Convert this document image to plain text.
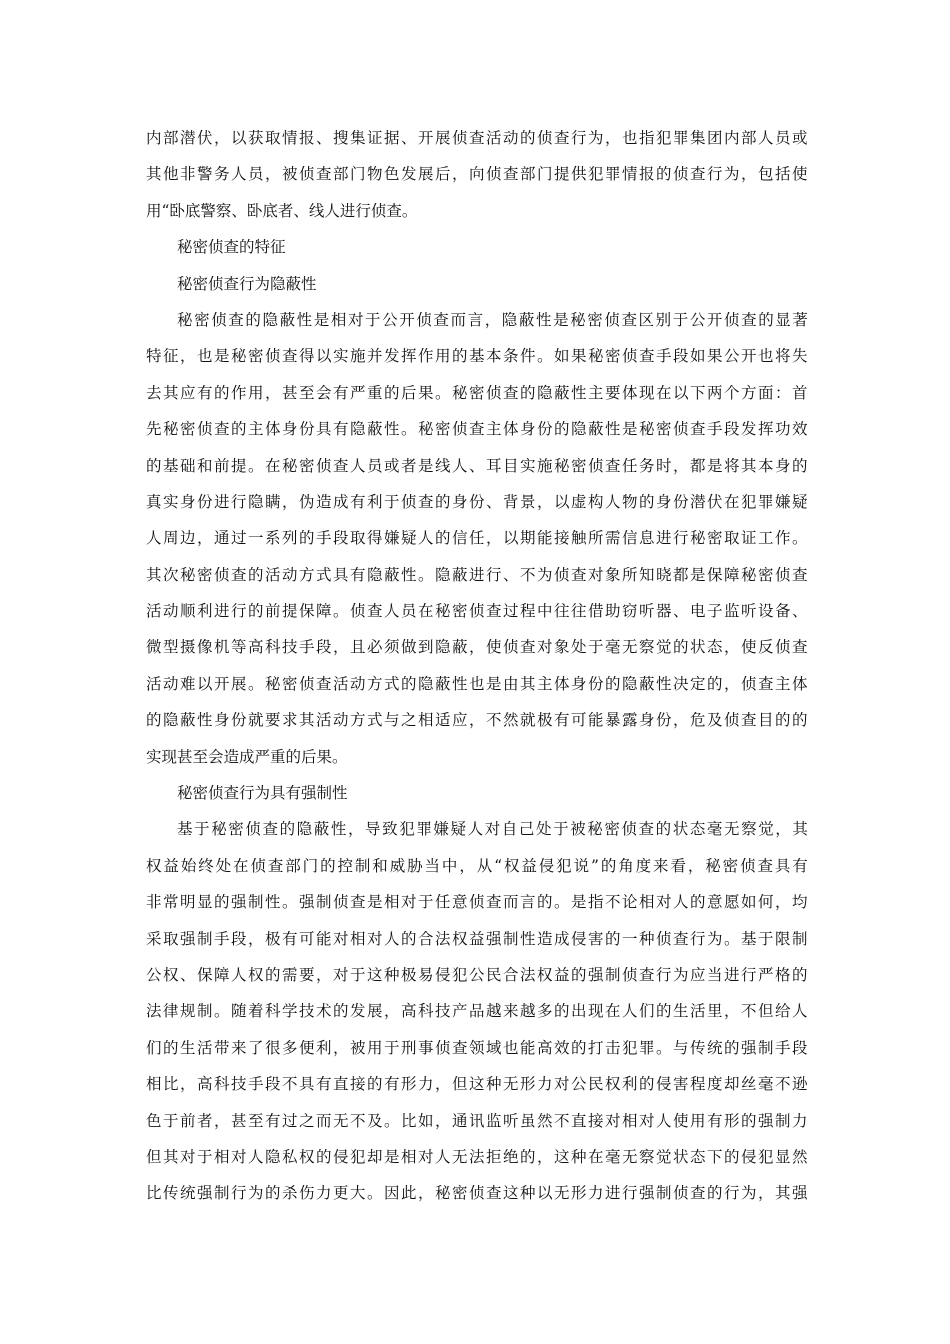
内 部 潜 伏 ， 以 获 取 情 报 、 搜 集 证 据 、 开 展 侦 查 活 动 的 侦 查 行 为 ， 也 指 犯 罪 集 团 内 部 人 员 或
其 他 非 警 务 人 员 ， 被 侦 查 部 门 物 色 发 展 后 ， 向 侦 查 部 门 提 供 犯 罪 情 报 的 侦 查 行 为 ， 包 括 使
用“卧底警察、卧底者、线人进行侦查。
秘密侦查的特征
秘密侦查行为隐蔽性
秘 密 侦 查 的 隐 蔽 性 是 相 对 于 公 开 侦 查 而 言 ， 隐 蔽 性 是 秘 密 侦 查 区 别 于 公 开 侦 查 的 显 著
特 征 ， 也 是 秘 密 侦 查 得 以 实 施 并 发 挥 作 用 的 基 本 条 件 。 如 果 秘 密 侦 查 手 段 如 果 公 开 也 将 失
去 其 应 有 的 作 用 ， 甚 至 会 有 严 重 的 后 果 。 秘 密 侦 查 的 隐 蔽 性 主 要 体 现 在 以 下 两 个 方 面 ： 首
先 秘 密 侦 查 的 主 体 身 份 具 有 隐 蔽 性 。 秘 密 侦 查 主 体 身 份 的 隐 蔽 性 是 秘 密 侦 查 手 段 发 挥 功 效
的 基 础 和 前 提 。 在 秘 密 侦 查 人 员 或 者 是 线 人 、 耳 目 实 施 秘 密 侦 查 任 务 时 ， 都 是 将 其 本 身 的
真 实 身 份 进 行 隐 瞒 ， 伪 造 成 有 利 于 侦 查 的 身 份 、 背 景 ， 以 虚 构 人 物 的 身 份 潜 伏 在 犯 罪 嫌 疑
人 周 边 ， 通 过 一 系 列 的 手 段 取 得 嫌 疑 人 的 信 任 ， 以 期 能 接 触 所 需 信 息 进 行 秘 密 取 证 工 作 。
其 次 秘 密 侦 查 的 活 动 方 式 具 有 隐 蔽 性 。 隐 蔽 进 行 、 不 为 侦 查 对 象 所 知 晓 都 是 保 障 秘 密 侦 查
活 动 顺 利 进 行 的 前 提 保 障 。 侦 查 人 员 在 秘 密 侦 查 过 程 中 往 往 借 助 窃 听 器 、 电 子 监 听 设 备 、
微 型 摄 像 机 等 高 科 技 手 段 ， 且 必 须 做 到 隐 蔽 ， 使 侦 查 对 象 处 于 毫 无 察 觉 的 状 态 ， 使 反 侦 查
活 动 难 以 开 展 。 秘 密 侦 查 活 动 方 式 的 隐 蔽 性 也 是 由 其 主 体 身 份 的 隐 蔽 性 决 定 的 ， 侦 查 主 体
的 隐 蔽 性 身 份 就 要 求 其 活 动 方 式 与 之 相 适 应 ， 不 然 就 极 有 可 能 暴 露 身 份 ， 危 及 侦 查 目 的 的
实现甚至会造成严重的后果。
秘密侦查行为具有强制性
基 于 秘 密 侦 查 的 隐 蔽 性 ， 导 致 犯 罪 嫌 疑 人 对 自 己 处 于 被 秘 密 侦 查 的 状 态 毫 无 察 觉 ， 其
权 益 始 终 处 在 侦 查 部 门 的 控 制 和 威 胁 当 中 ， 从 “ 权 益 侵 犯 说 ” 的 角 度 来 看 ， 秘 密 侦 查 具 有
非 常 明 显 的 强 制 性 。 强 制 侦 查 是 相 对 于 任 意 侦 查 而 言 的 。 是 指 不 论 相 对 人 的 意 愿 如 何 ， 均
采 取 强 制 手 段 ， 极 有 可 能 对 相 对 人 的 合 法 权 益 强 制 性 造 成 侵 害 的 一 种 侦 查 行 为 。 基 于 限 制
公 权 、 保 障 人 权 的 需 要 ， 对 于 这 种 极 易 侵 犯 公 民 合 法 权 益 的 强 制 侦 查 行 为 应 当 进 行 严 格 的
法 律 规 制 。 随 着 科 学 技 术 的 发 展 ， 高 科 技 产 品 越 来 越 多 的 出 现 在 人 们 的 生 活 里 ， 不 但 给 人
们 的 生 活 带 来 了 很 多 便 利 ， 被 用 于 刑 事 侦 查 领 域 也 能 高 效 的 打 击 犯 罪 。 与 传 统 的 强 制 手 段
相 比 ， 高 科 技 手 段 不 具 有 直 接 的 有 形 力 ， 但 这 种 无 形 力 对 公 民 权 利 的 侵 害 程 度 却 丝 毫 不 逊
色 于 前 者 ， 甚 至 有 过 之 而 无 不 及 。 比 如 ， 通 讯 监 听 虽 然 不 直 接 对 相 对 人 使 用 有 形 的 强 制 力
但 其 对 于 相 对 人 隐 私 权 的 侵 犯 却 是 相 对 人 无 法 拒 绝 的 ， 这 种 在 毫 无 察 觉 状 态 下 的 侵 犯 显 然
比 传 统 强 制 行 为 的 杀 伤 力 更 大 。 因 此 ， 秘 密 侦 查 这 种 以 无 形 力 进 行 强 制 侦 查 的 行 为 ， 其 强
